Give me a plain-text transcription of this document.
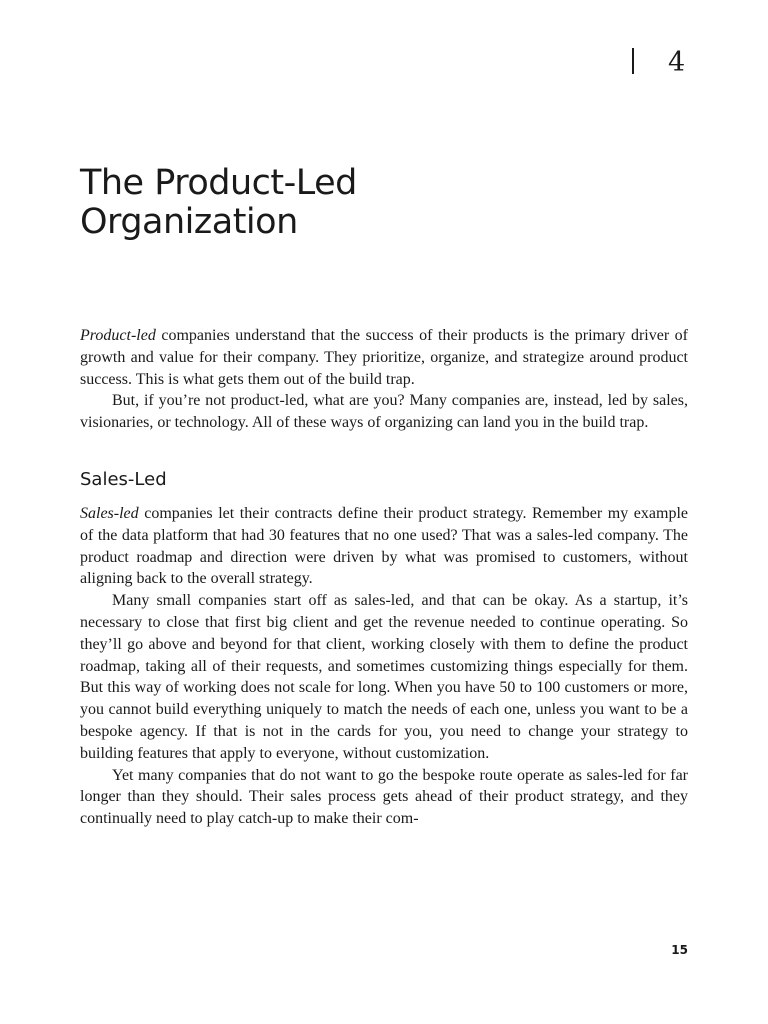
4
The Product-Led
Organization

Product-led companies understand that the success of their products is the primary driver of growth and value for their company. They prioritize, organize, and strategize around product success. This is what gets them out of the build trap.

But, if you’re not product-led, what are you? Many companies are, instead, led by sales, visionaries, or technology. All of these ways of organizing can land you in the build trap.

Sales-Led

Sales-led companies let their contracts define their product strategy. Remember my example of the data platform that had 30 features that no one used? That was a sales-led company. The product roadmap and direction were driven by what was promised to customers, without aligning back to the overall strategy.

Many small companies start off as sales-led, and that can be okay. As a startup, it’s necessary to close that first big client and get the revenue needed to continue operating. So they’ll go above and beyond for that client, working closely with them to define the product roadmap, taking all of their requests, and sometimes customizing things especially for them. But this way of working does not scale for long. When you have 50 to 100 customers or more, you cannot build everything uniquely to match the needs of each one, unless you want to be a bespoke agency. If that is not in the cards for you, you need to change your strategy to building features that apply to everyone, without customization.

Yet many companies that do not want to go the bespoke route operate as sales-led for far longer than they should. Their sales process gets ahead of their product strategy, and they continually need to play catch-up to make their com-

15
